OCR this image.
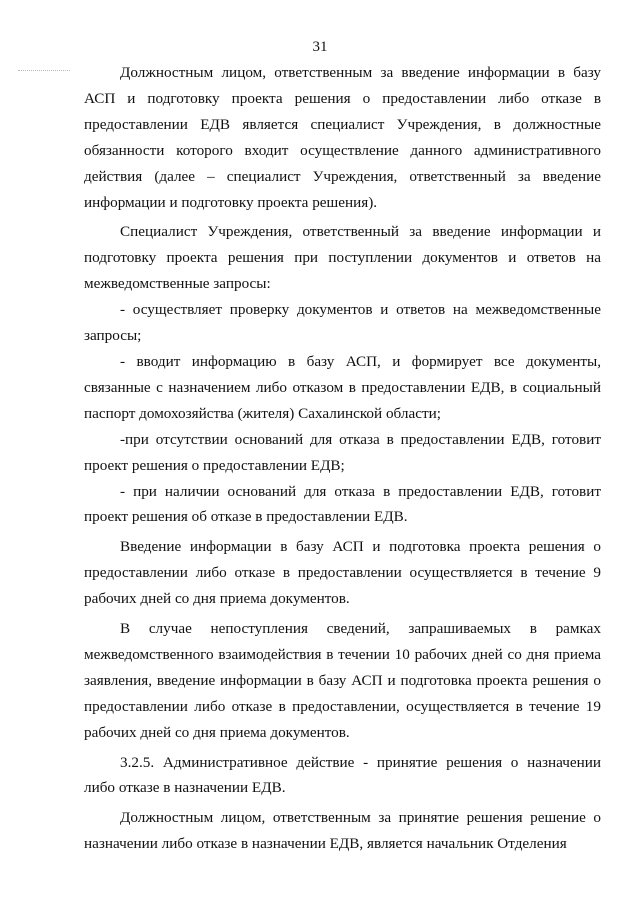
31

Должностным лицом, ответственным за введение информации в базу АСП и подготовку проекта решения о предоставлении либо отказе в предоставлении ЕДВ является специалист Учреждения, в должностные обязанности которого входит осуществление данного административного действия (далее – специалист Учреждения, ответственный за введение информации и подготовку проекта решения).

Специалист Учреждения, ответственный за введение информации и подготовку проекта решения при поступлении документов и ответов на межведомственные запросы:

- осуществляет проверку документов и ответов на межведомственные запросы;

- вводит информацию в базу АСП, и формирует все документы, связанные с назначением либо отказом в предоставлении ЕДВ, в социальный паспорт домохозяйства (жителя) Сахалинской области;

-при отсутствии оснований для отказа в предоставлении ЕДВ, готовит проект решения о предоставлении ЕДВ;

- при наличии оснований для отказа в предоставлении ЕДВ, готовит проект решения об отказе в предоставлении ЕДВ.

Введение информации в базу АСП и подготовка проекта решения о предоставлении либо отказе в предоставлении осуществляется в течение 9 рабочих дней со дня приема документов.

В случае непоступления сведений, запрашиваемых в рамках межведомственного взаимодействия в течении 10 рабочих дней со дня приема заявления, введение информации в базу АСП и подготовка проекта решения о предоставлении либо отказе в предоставлении, осуществляется в течение 19 рабочих дней со дня приема документов.

3.2.5. Административное действие - принятие решения о назначении либо отказе в назначении ЕДВ.

Должностным лицом, ответственным за принятие решения решение о назначении либо отказе в назначении ЕДВ, является начальник Отделения
